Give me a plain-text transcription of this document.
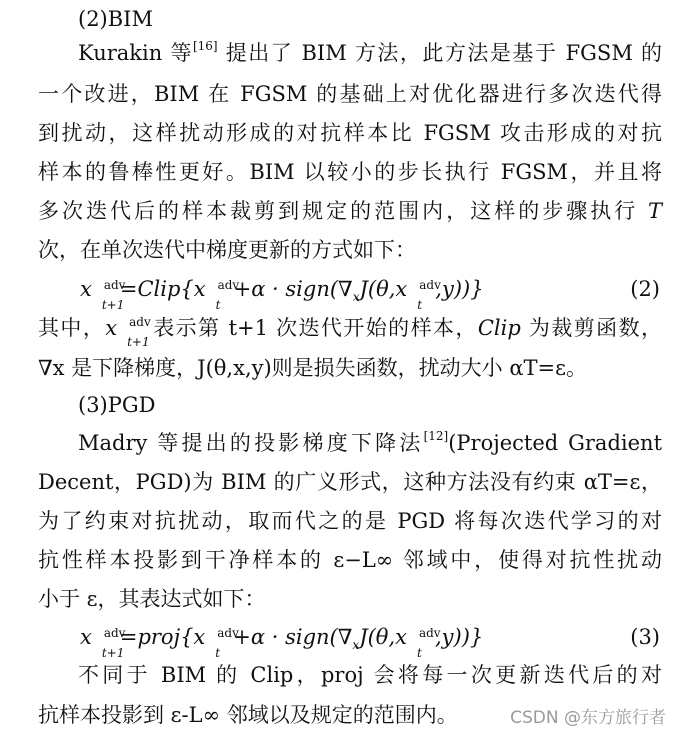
(2)BIM
Kurakin 等[16] 提出了 BIM 方法，此方法是基于 FGSM 的
一个改进，BIM 在 FGSM 的基础上对优化器进行多次迭代得
到扰动，这样扰动形成的对抗样本比 FGSM 攻击形成的对抗
样本的鲁棒性更好。BIM 以较小的步长执行 FGSM，并且将
多次迭代后的样本裁剪到规定的范围内，这样的步骤执行 T
次，在单次迭代中梯度更新的方式如下：
x adv
t+1
=Clip{x adv
t
$+\alpha \cdot sign(\nabla_xJ(\theta,x$ adv
t
,y))}	(2)
其中，x adv
t+1
表示第 t+1 次迭代开始的样本，Clip 为裁剪函数，
∇x 是下降梯度，J(θ,x,y)则是损失函数，扰动大小 αT=ε。
(3)PGD
Madry 等提出的投影梯度下降法[12](Projected Gradient
Decent，PGD)为 BIM 的广义形式，这种方法没有约束 αT=ε，
为了约束对抗扰动，取而代之的是 PGD 将每次迭代学习的对
抗性样本投影到干净样本的 ε−L∞ 邻域中，使得对抗性扰动
小于 ε，其表达式如下：
x adv
t+1
=proj{x adv
t
$+\alpha \cdot sign(\nabla_xJ(\theta,x$ adv
t
,y))}	(3)
不同于 BIM 的 Clip，proj 会将每一次更新迭代后的对
抗样本投影到 ε-L∞ 邻域以及规定的范围内。	CSDN @东方旅行者
